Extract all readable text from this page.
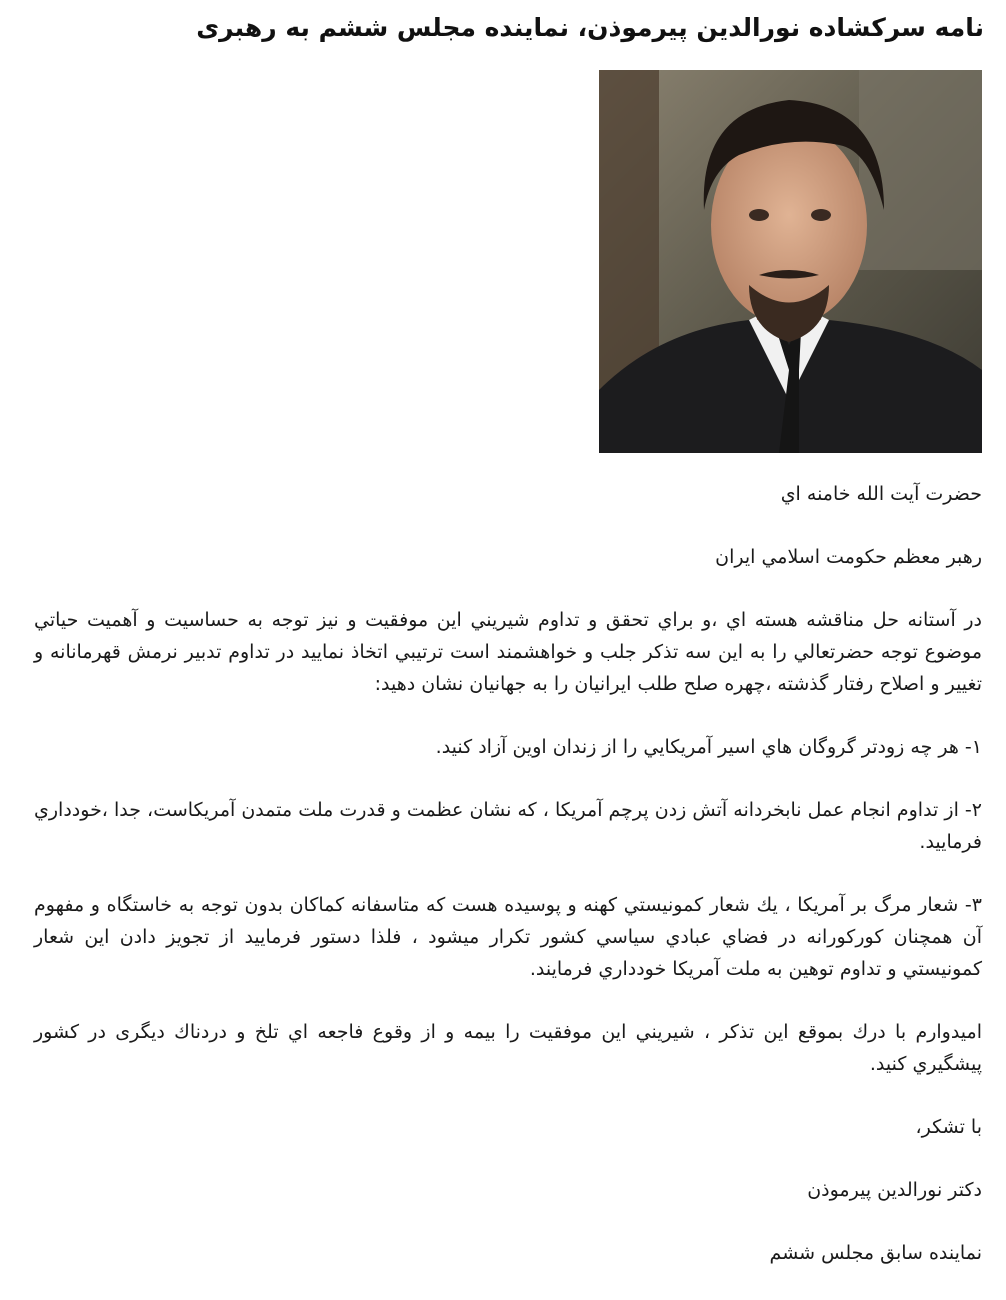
نامه سرکشاده نورالدین پیرموذن، نماینده مجلس ششم به رهبری

حضرت آيت الله خامنه اي

رهبر معظم حكومت اسلامي ايران

در آستانه حل مناقشه هسته اي ،و براي تحقق و تداوم شيريني اين موفقيت و نيز توجه به حساسيت و آهميت حياتي موضوع توجه حضرتعالي را به اين سه تذكر جلب و خواهشمند است ترتيبي اتخاذ نماييد در تداوم تدبير نرمش قهرمانانه و تغيير و اصلاح رفتار گذشته ،چهره صلح طلب ايرانيان را به جهانيان نشان دهيد:

١- هر چه زودتر گروگان هاي اسير آمريكايي را از زندان اوين آزاد كنيد.

٢- از تداوم انجام عمل نابخردانه آتش زدن پرچم آمريكا ، كه نشان عظمت و قدرت ملت متمدن آمريكاست، جدا ،خودداري فرماييد.

٣- شعار مرگ بر آمريكا ، يك شعار كمونيستي كهنه و پوسيده هست كه متاسفانه كماكان بدون توجه به خاستگاه و مفهوم آن همچنان كوركورانه در فضاي عبادي سياسي كشور تكرار ميشود ، فلذا دستور فرماييد از تجويز دادن اين شعار كمونيستي و تداوم توهين به ملت آمريكا خودداري فرمايند.

اميدوارم با درك بموقع اين تذكر ، شيريني اين موفقيت را بيمه و از وقوع فاجعه اي تلخ و دردناك ديگرى در كشور پيشگيري كنيد.

با تشكر،

دكتر نورالدين پيرموذن

نماينده سابق مجلس ششم
